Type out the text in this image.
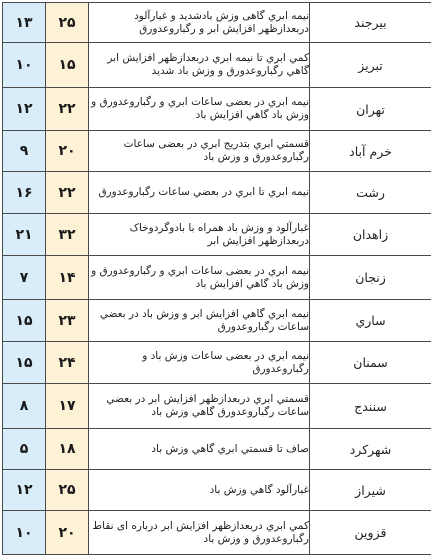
۱۳	۲۵	نیمه ابري گاهی وزش بادشدید و غبارآلود دربعدازظهر افزایش ابر و رگباروعدورق	بیرجند

۱۰	۱۵	کمي ابري تا نیمه ابري دربعدازظهر افزایش ابر گاهي رگباروعدورق و وزش باد شدید	تبریز

۱۲	۲۲	نیمه ابري در بعضی ساعات ابري و رگباروعدورق و وزش باد گاهي افزایش باد	تهران

۹	۲۰	قسمتي ابري بتدریج ابري در بعضی ساعات رگباروعدورق و وزش باد	خرم آباد

۱۶	۲۲	نیمه ابري تا ابري در بعضي ساعات رگباروعدورق	رشت

۲۱	۳۲	غبارآلود و وزش باد همراه با بادوگردوخاک دربعدازظهر افزایش ابر	زاهدان

۷	۱۴	نیمه ابري در بعضی ساعات ابري و رگباروعدورق و وزش باد گاهي افزایش باد	زنجان

۱۵	۲۳	نیمه ابري گاهي افزایش ابر و وزش باد در بعضي ساعات رگباروعدورق	ساري

۱۵	۲۴	نیمه ابري در بعضی ساعات وزش باد و رگباروعدورق	سمنان

۸	۱۷	قسمتي ابري دربعدازظهر افزایش ابر در بعضي ساعات رگباروعدورق گاهي وزش باد	سنندج

۵	۱۸	صاف تا قسمتي ابري گاهي وزش باد	شهرکرد

۱۲	۲۵	غبارآلود گاهي وزش باد	شیراز

۱۰	۲۰	کمي ابري دربعدازظهر افزایش ابر درباره ای نقاط رگباروعدورق و وزش باد	قزوین
